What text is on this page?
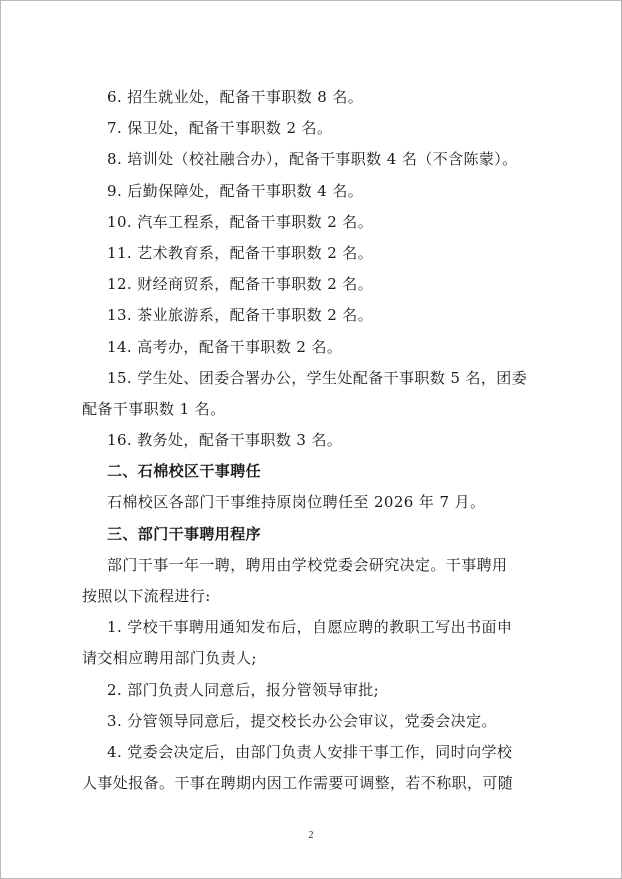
6. 招生就业处，配备干事职数 8 名。
7. 保卫处，配备干事职数 2 名。
8. 培训处（校社融合办），配备干事职数 4 名（不含陈蒙）。
9. 后勤保障处，配备干事职数 4 名。
10. 汽车工程系，配备干事职数 2 名。
11. 艺术教育系，配备干事职数 2 名。
12. 财经商贸系，配备干事职数 2 名。
13. 茶业旅游系，配备干事职数 2 名。
14. 高考办，配备干事职数 2 名。
15. 学生处、团委合署办公，学生处配备干事职数 5 名，团委
配备干事职数 1 名。
16. 教务处，配备干事职数 3 名。
二、石棉校区干事聘任
石棉校区各部门干事维持原岗位聘任至 2026 年 7 月。
三、部门干事聘用程序
部门干事一年一聘，聘用由学校党委会研究决定。干事聘用
按照以下流程进行:
1. 学校干事聘用通知发布后，自愿应聘的教职工写出书面申
请交相应聘用部门负责人;
2. 部门负责人同意后，报分管领导审批;
3. 分管领导同意后，提交校长办公会审议，党委会决定。
4. 党委会决定后，由部门负责人安排干事工作，同时向学校
人事处报备。干事在聘期内因工作需要可调整，若不称职，可随
2
